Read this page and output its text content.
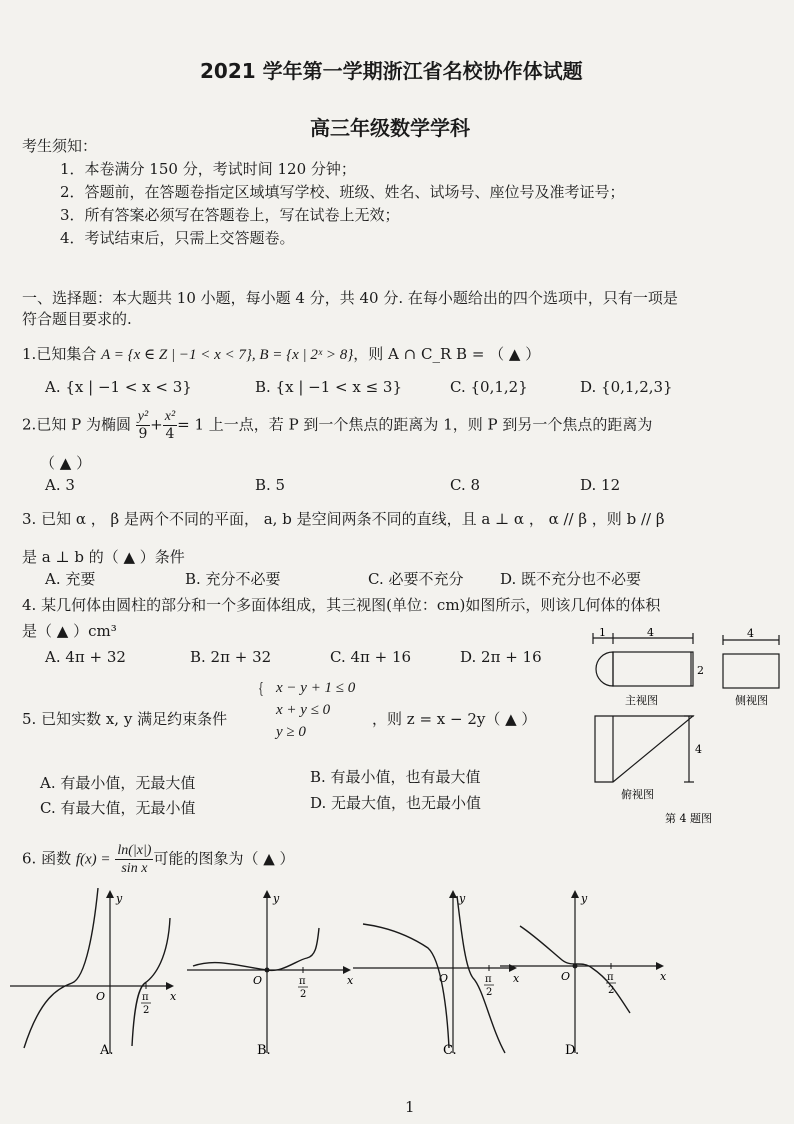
2021 学年第一学期浙江省名校协作体试题
高三年级数学学科
考生须知：
1．本卷满分 150 分，考试时间 120 分钟；
2．答题前，在答题卷指定区域填写学校、班级、姓名、试场号、座位号及准考证号；
3．所有答案必须写在答题卷上，写在试卷上无效；
4．考试结束后，只需上交答题卷。
一、选择题：本大题共 10 小题，每小题 4 分，共 40 分. 在每小题给出的四个选项中，只有一项是
符合题目要求的.
1.已知集合 A = {x ∈ Z | −1 < x < 7}, B = {x | 2ˣ > 8}，则 A ∩ C_R B = （ ▲ ）
A. {x | −1 < x < 3}	B. {x | −1 < x ≤ 3}	C. {0,1,2}	D. {0,1,2,3}
2.已知 P 为椭圆 $\frac{\text{y²}}{9} + \frac{\text{x²}}{4} = 1$ 上一点，若 P 到一个焦点的距离为 1，则 P 到另一个焦点的距离为
（ ▲ ）
A. 3	B. 5	C. 8	D. 12
3. 已知 α ， β 是两个不同的平面， a, b 是空间两条不同的直线，且 a ⊥ α ， α // β ，则 b // β
是 a ⊥ b 的（ ▲ ）条件
A. 充要	B. 充分不必要	C. 必要不充分 D. 既不充分也不必要
4. 某几何体由圆柱的部分和一个多面体组成，其三视图(单位：cm)如图所示，则该几何体的体积
是（ ▲ ）cm³
A. 4π + 32	B. 2π + 32	C. 4π + 16	D. 2π + 16
1	4
2
4
4
主视图	侧视图
俯视图
第 4 题图
5. 已知实数 x, y 满足约束条件
{ x − y + 1 ≤ 0
x + y ≤ 0
y ≥ 0
，则 z = x − 2y（ ▲ ）
A. 有最小值，无最大值	B. 有最小值，也有最大值
C. 有最大值，无最小值	D. 无最大值，也无最小值
6. 函数 $f(x) = \frac{\ln(|x|)}{\text{sin x}}$ 可能的图象为（ ▲ ）
x
y
O	π
2
A.
x
y
O	π
2
B.
x
y
O	π
2
C.
x
y
O	π
2
D.
1
